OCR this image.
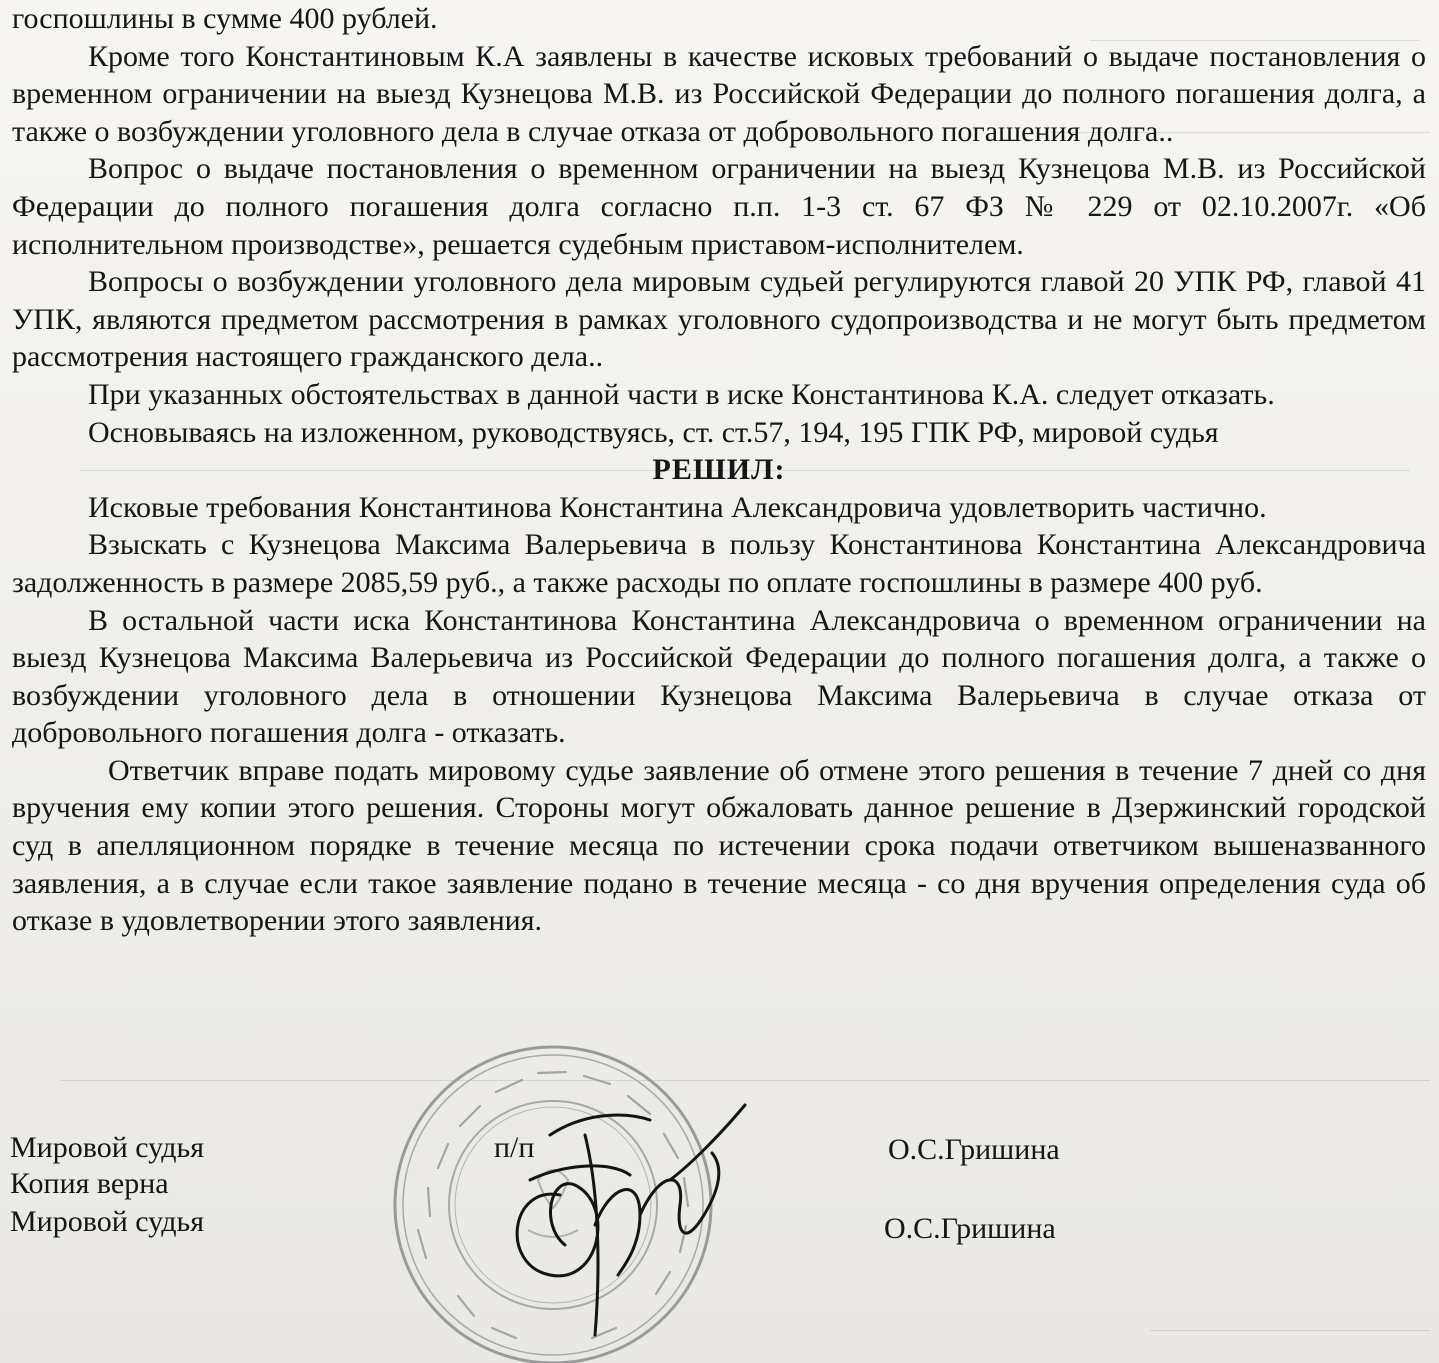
госпошлины в сумме 400 рублей.

Кроме того Константиновым К.А заявлены в качестве исковых требований о выдаче постановления о временном ограничении на выезд Кузнецова М.В. из Российской Федерации до полного погашения долга, а также о возбуждении уголовного дела в случае отказа от добровольного погашения долга..

Вопрос о выдаче постановления о временном ограничении на выезд Кузнецова М.В. из Российской Федерации до полного погашения долга согласно п.п. 1-3 ст. 67 ФЗ № 229 от 02.10.2007г. «Об исполнительном производстве», решается судебным приставом-исполнителем.

Вопросы о возбуждении уголовного дела мировым судьей регулируются главой 20 УПК РФ, главой 41 УПК, являются предметом рассмотрения в рамках уголовного судопроизводства и не могут быть предметом рассмотрения настоящего гражданского дела..

При указанных обстоятельствах в данной части в иске Константинова К.А. следует отказать.

Основываясь на изложенном, руководствуясь, ст. ст.57, 194, 195 ГПК РФ, мировой судья

РЕШИЛ:

Исковые требования Константинова Константина Александровича удовлетворить частично.

Взыскать с Кузнецова Максима Валерьевича в пользу Константинова Константина Александровича задолженность в размере 2085,59 руб., а также расходы по оплате госпошлины в размере 400 руб.

В остальной части иска Константинова Константина Александровича о временном ограничении на выезд Кузнецова Максима Валерьевича из Российской Федерации до полного погашения долга, а также о возбуждении уголовного дела в отношении Кузнецова Максима Валерьевича в случае отказа от добровольного погашения долга - отказать.

Ответчик вправе подать мировому судье заявление об отмене этого решения в течение 7 дней со дня вручения ему копии этого решения. Стороны могут обжаловать данное решение в Дзержинский городской суд в апелляционном порядке в течение месяца по истечении срока подачи ответчиком вышеназванного заявления, а в случае если такое заявление подано в течение месяца - со дня вручения определения суда об отказе в удовлетворении этого заявления.

Мировой судья	п/п	О.С.Гришина
Копия верна
Мировой судья	О.С.Гришина
